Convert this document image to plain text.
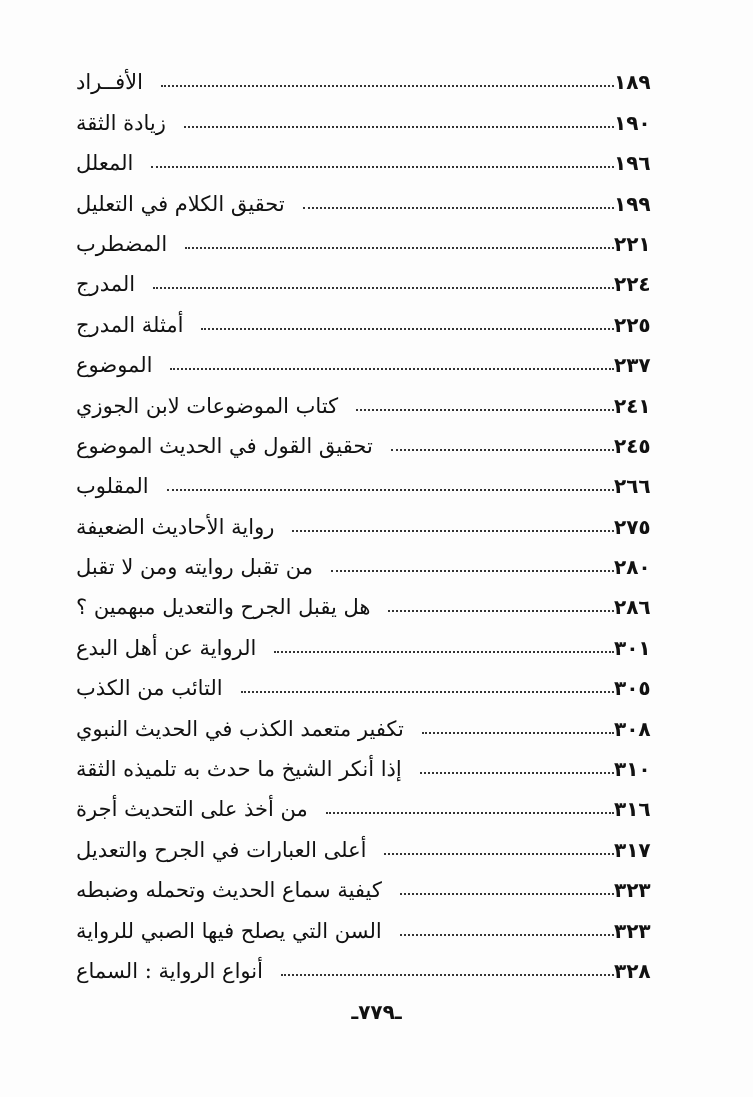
الأفــراد	١٨٩
زيادة الثقة	١٩٠
المعلل	١٩٦
تحقيق الكلام في التعليل	١٩٩
المضطرب	٢٢١
المدرج	٢٢٤
أمثلة المدرج	٢٢٥
الموضوع	٢٣٧
كتاب الموضوعات لابن الجوزي	٢٤١
تحقيق القول في الحديث الموضوع	٢٤٥
المقلوب	٢٦٦
رواية الأحاديث الضعيفة	٢٧٥
من تقبل روايته ومن لا تقبل	٢٨٠
هل يقبل الجرح والتعديل مبهمين ؟	٢٨٦
الرواية عن أهل البدع	٣٠١
التائب من الكذب	٣٠٥
تكفير متعمد الكذب في الحديث النبوي	٣٠٨
إذا أنكر الشيخ ما حدث به تلميذه الثقة	٣١٠
من أخذ على التحديث أجرة	٣١٦
أعلى العبارات في الجرح والتعديل	٣١٧
كيفية سماع الحديث وتحمله وضبطه	٣٢٣
السن التي يصلح فيها الصبي للرواية	٣٢٣
أنواع الرواية : السماع	٣٢٨
ـ٧٧٩ـ
